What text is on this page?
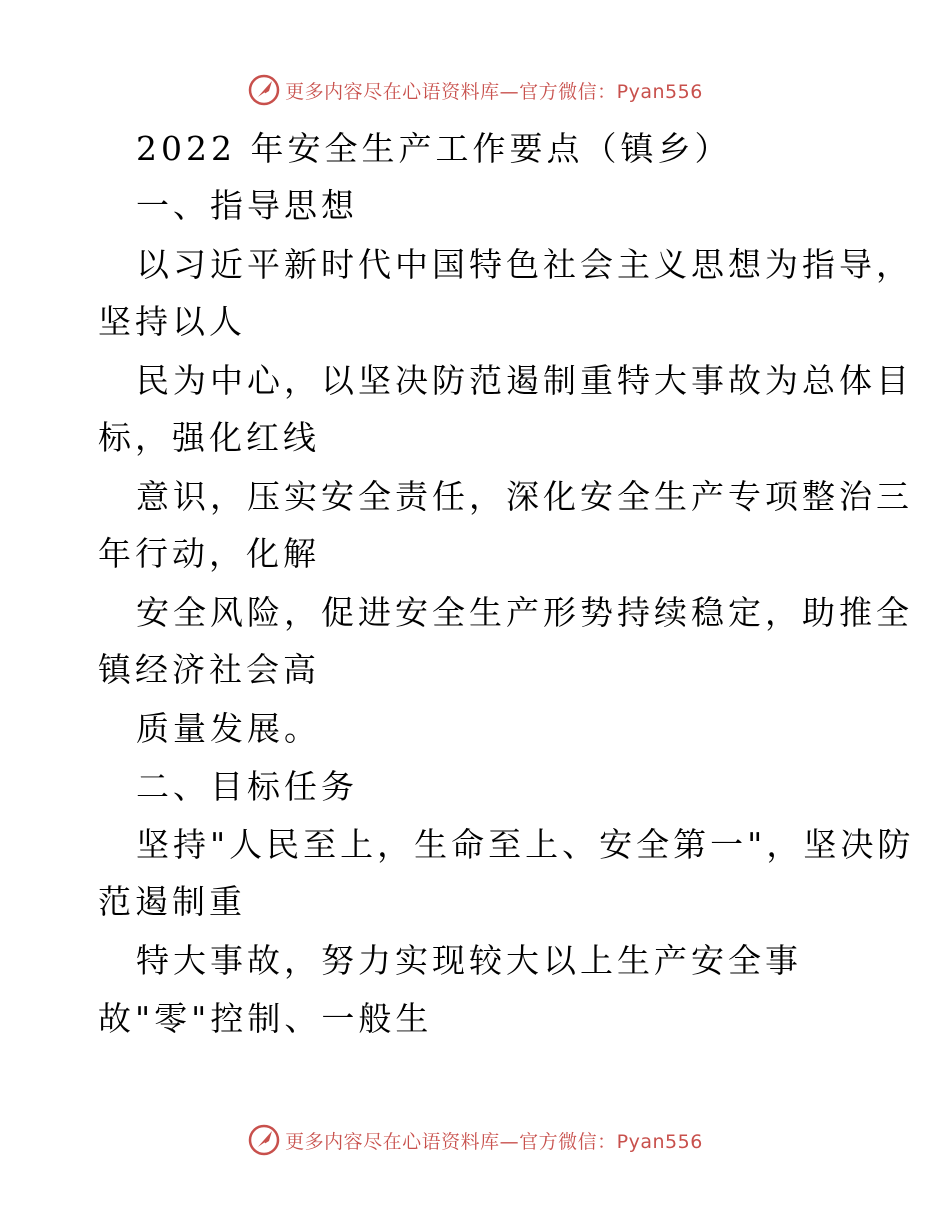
更多内容尽在心语资料库—官方微信：Pyan556
2022 年安全生产工作要点（镇乡）
一、指导思想
以习近平新时代中国特色社会主义思想为指导，
坚持以人
民为中心，以坚决防范遏制重特大事故为总体目
标，强化红线
意识，压实安全责任，深化安全生产专项整治三
年行动，化解
安全风险，促进安全生产形势持续稳定，助推全
镇经济社会高
质量发展。
二、目标任务
坚持"人民至上，生命至上、安全第一"，坚决防
范遏制重
特大事故，努力实现较大以上生产安全事
故"零"控制、一般生
更多内容尽在心语资料库—官方微信：Pyan556
